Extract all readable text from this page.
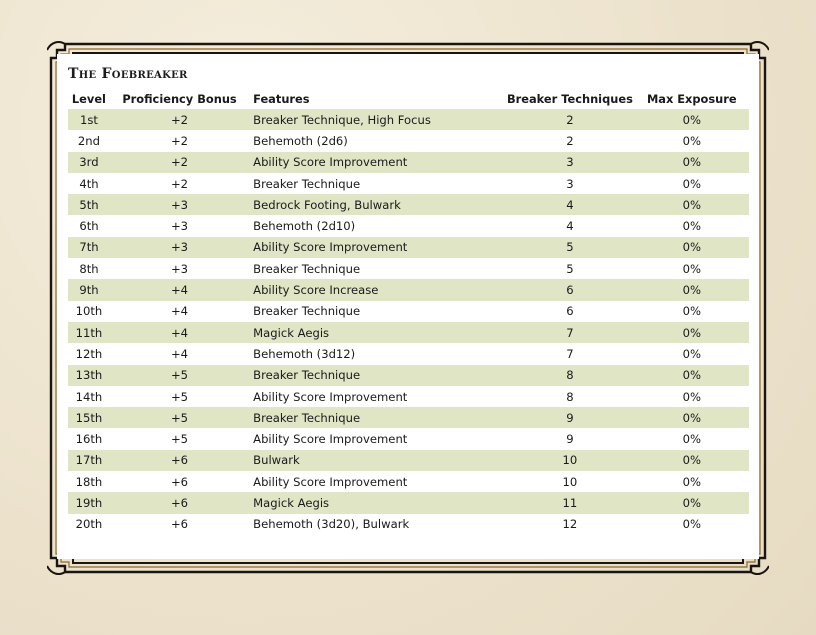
The Foebreaker
Level	Proficiency Bonus	Features	Breaker Techniques	Max Exposure
1st	+2	Breaker Technique, High Focus	2	0%
2nd	+2	Behemoth (2d6)	2	0%
3rd	+2	Ability Score Improvement	3	0%
4th	+2	Breaker Technique	3	0%
5th	+3	Bedrock Footing, Bulwark	4	0%
6th	+3	Behemoth (2d10)	4	0%
7th	+3	Ability Score Improvement	5	0%
8th	+3	Breaker Technique	5	0%
9th	+4	Ability Score Increase	6	0%
10th	+4	Breaker Technique	6	0%
11th	+4	Magick Aegis	7	0%
12th	+4	Behemoth (3d12)	7	0%
13th	+5	Breaker Technique	8	0%
14th	+5	Ability Score Improvement	8	0%
15th	+5	Breaker Technique	9	0%
16th	+5	Ability Score Improvement	9	0%
17th	+6	Bulwark	10	0%
18th	+6	Ability Score Improvement	10	0%
19th	+6	Magick Aegis	11	0%
20th	+6	Behemoth (3d20), Bulwark	12	0%
